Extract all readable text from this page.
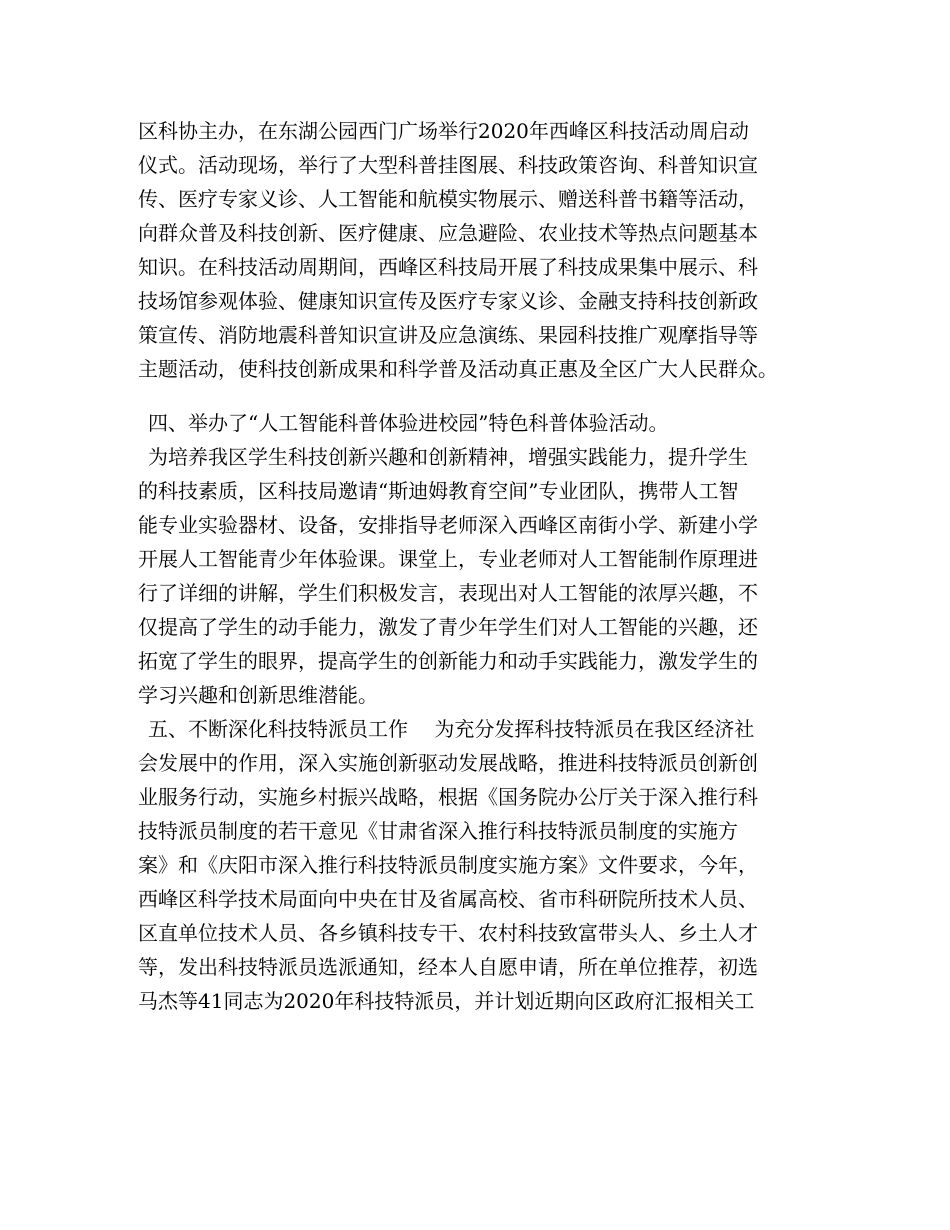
区科协主办，在东湖公园西门广场举行2020年西峰区科技活动周启动
仪式。活动现场，举行了大型科普挂图展、科技政策咨询、科普知识宣
传、医疗专家义诊、人工智能和航模实物展示、赠送科普书籍等活动，
向群众普及科技创新、医疗健康、应急避险、农业技术等热点问题基本
知识。在科技活动周期间，西峰区科技局开展了科技成果集中展示、科
技场馆参观体验、健康知识宣传及医疗专家义诊、金融支持科技创新政
策宣传、消防地震科普知识宣讲及应急演练、果园科技推广观摩指导等
主题活动，使科技创新成果和科学普及活动真正惠及全区广大人民群众。
四、举办了“人工智能科普体验进校园”特色科普体验活动。
为培养我区学生科技创新兴趣和创新精神，增强实践能力，提升学生
的科技素质，区科技局邀请“斯迪姆教育空间”专业团队，携带人工智
能专业实验器材、设备，安排指导老师深入西峰区南街小学、新建小学
开展人工智能青少年体验课。课堂上，专业老师对人工智能制作原理进
行了详细的讲解，学生们积极发言，表现出对人工智能的浓厚兴趣，不
仅提高了学生的动手能力，激发了青少年学生们对人工智能的兴趣，还
拓宽了学生的眼界，提高学生的创新能力和动手实践能力，激发学生的
学习兴趣和创新思维潜能。
五、不断深化科技特派员工作　 为充分发挥科技特派员在我区经济社
会发展中的作用，深入实施创新驱动发展战略，推进科技特派员创新创
业服务行动，实施乡村振兴战略，根据《国务院办公厅关于深入推行科
技特派员制度的若干意见《甘肃省深入推行科技特派员制度的实施方
案》和《庆阳市深入推行科技特派员制度实施方案》文件要求，今年，
西峰区科学技术局面向中央在甘及省属高校、省市科研院所技术人员、
区直单位技术人员、各乡镇科技专干、农村科技致富带头人、乡土人才
等，发出科技特派员选派通知，经本人自愿申请，所在单位推荐，初选
马杰等41同志为2020年科技特派员，并计划近期向区政府汇报相关工
